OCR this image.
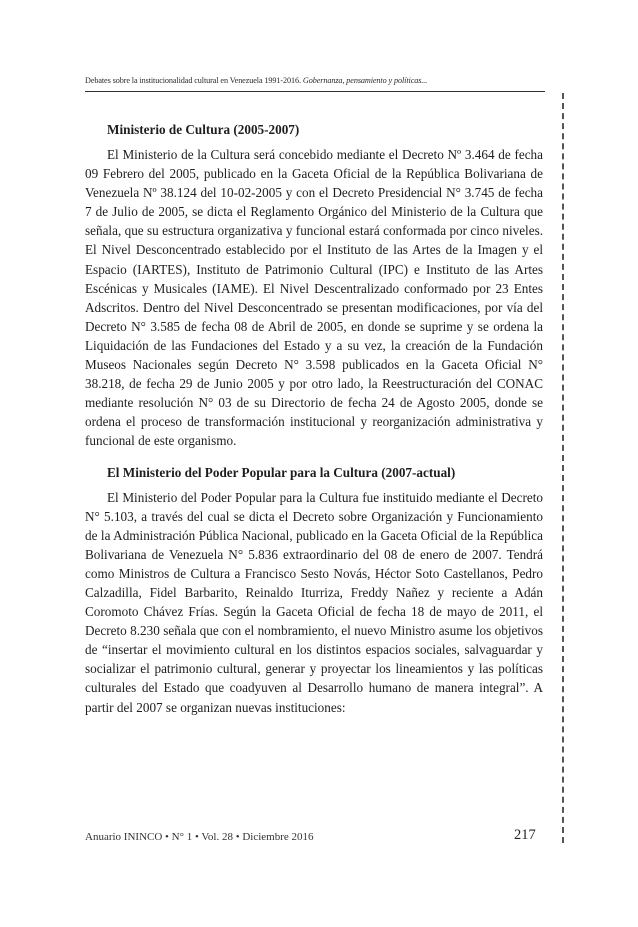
Debates sobre la institucionalidad cultural en Venezuela 1991-2016. Gobernanza, pensamiento y políticas...
Ministerio de Cultura (2005-2007)

El Ministerio de la Cultura será concebido mediante el Decreto Nº 3.464 de fecha 09 Febrero del 2005, publicado en la Gaceta Oficial de la República Bolivariana de Venezuela Nº 38.124 del 10-02-2005 y con el Decreto Presidencial N° 3.745 de fecha 7 de Julio de 2005, se dicta el Reglamento Orgánico del Ministerio de la Cultura que señala, que su estructura organizativa y funcional estará conformada por cinco niveles. El Nivel Desconcentrado establecido por el Instituto de las Artes de la Imagen y el Espacio (IARTES), Instituto de Patrimonio Cultural (IPC) e Instituto de las Artes Escénicas y Musicales (IAME). El Nivel Descentralizado conformado por 23 Entes Adscritos. Dentro del Nivel Desconcentrado se presentan modificaciones, por vía del Decreto N° 3.585 de fecha 08 de Abril de 2005, en donde se suprime y se ordena la Liquidación de las Fundaciones del Estado y a su vez, la creación de la Fundación Museos Nacionales según Decreto N° 3.598 publicados en la Gaceta Oficial N° 38.218, de fecha 29 de Junio 2005 y por otro lado, la Reestructuración del CONAC mediante resolución N° 03 de su Directorio de fecha 24 de Agosto 2005, donde se ordena el proceso de transformación institucional y reorganización administrativa y funcional de este organismo.

El Ministerio del Poder Popular para la Cultura (2007-actual)

El Ministerio del Poder Popular para la Cultura fue instituido mediante el Decreto N° 5.103, a través del cual se dicta el Decreto sobre Organización y Funcionamiento de la Administración Pública Nacional, publicado en la Gaceta Oficial de la República Bolivariana de Venezuela N° 5.836 extraordinario del 08 de enero de 2007. Tendrá como Ministros de Cultura a Francisco Sesto Novás, Héctor Soto Castellanos, Pedro Calzadilla, Fidel Barbarito, Reinaldo Iturriza, Freddy Nañez y reciente a Adán Coromoto Chávez Frías. Según la Gaceta Oficial de fecha 18 de mayo de 2011, el Decreto 8.230 señala que con el nombramiento, el nuevo Ministro asume los objetivos de “insertar el movimiento cultural en los distintos espacios sociales, salvaguardar y socializar el patrimonio cultural, generar y proyectar los lineamientos y las políticas culturales del Estado que coadyuven al Desarrollo humano de manera integral”. A partir del 2007 se organizan nuevas instituciones:

Anuario ININCO • N° 1 • Vol. 28 • Diciembre 2016	217
